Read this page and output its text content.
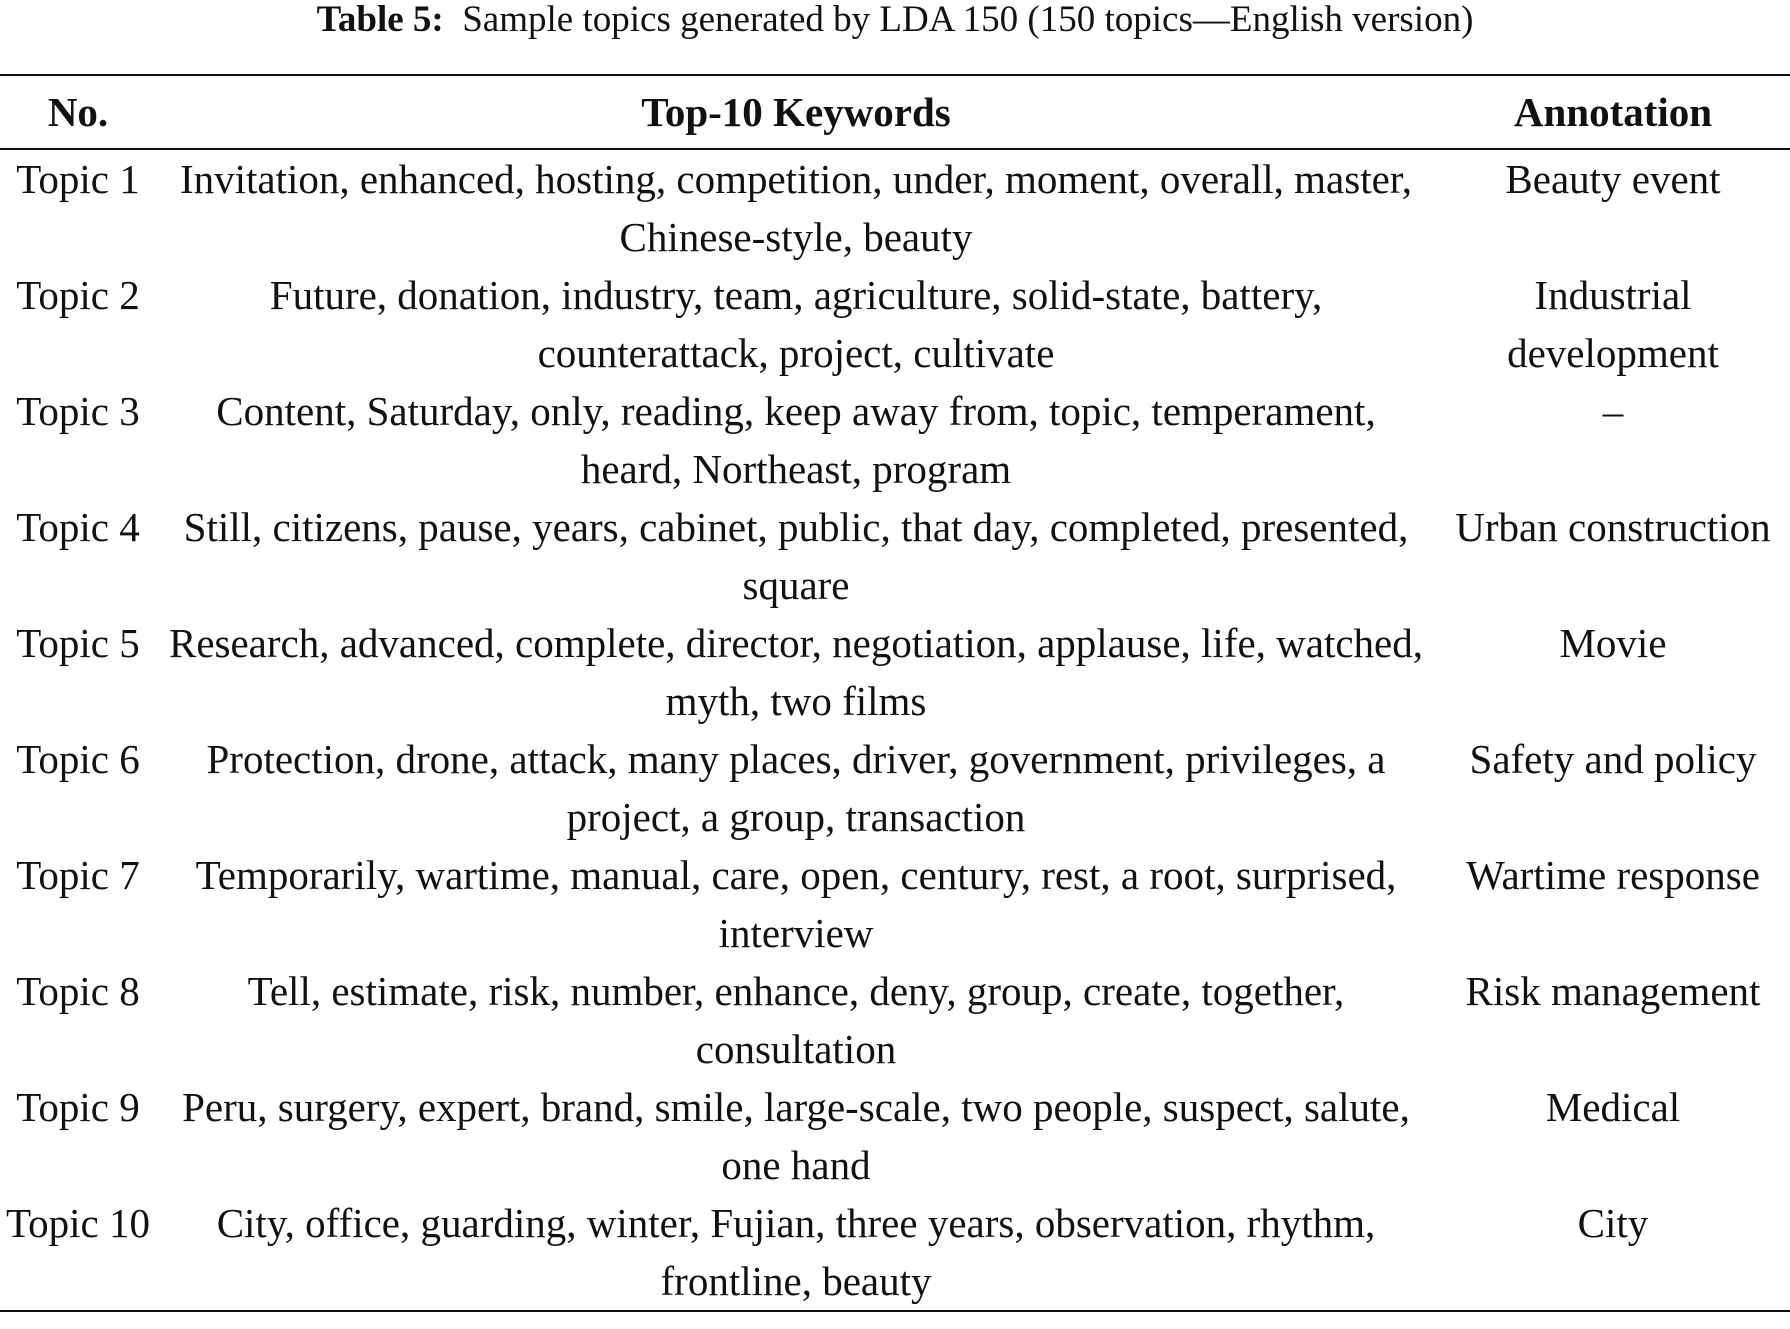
Table 5: Sample topics generated by LDA 150 (150 topics—English version)
No.	Top-10 Keywords	Annotation
Topic 1	Invitation, enhanced, hosting, competition, under, moment, overall, master, Chinese-style, beauty	Beauty event
Topic 2	Future, donation, industry, team, agriculture, solid-state, battery, counterattack, project, cultivate	Industrial development
Topic 3	Content, Saturday, only, reading, keep away from, topic, temperament, heard, Northeast, program	–
Topic 4	Still, citizens, pause, years, cabinet, public, that day, completed, presented, square	Urban construction
Topic 5	Research, advanced, complete, director, negotiation, applause, life, watched, myth, two films	Movie
Topic 6	Protection, drone, attack, many places, driver, government, privileges, a project, a group, transaction	Safety and policy
Topic 7	Temporarily, wartime, manual, care, open, century, rest, a root, surprised, interview	Wartime response
Topic 8	Tell, estimate, risk, number, enhance, deny, group, create, together, consultation	Risk management
Topic 9	Peru, surgery, expert, brand, smile, large-scale, two people, suspect, salute, one hand	Medical
Topic 10	City, office, guarding, winter, Fujian, three years, observation, rhythm, frontline, beauty	City
